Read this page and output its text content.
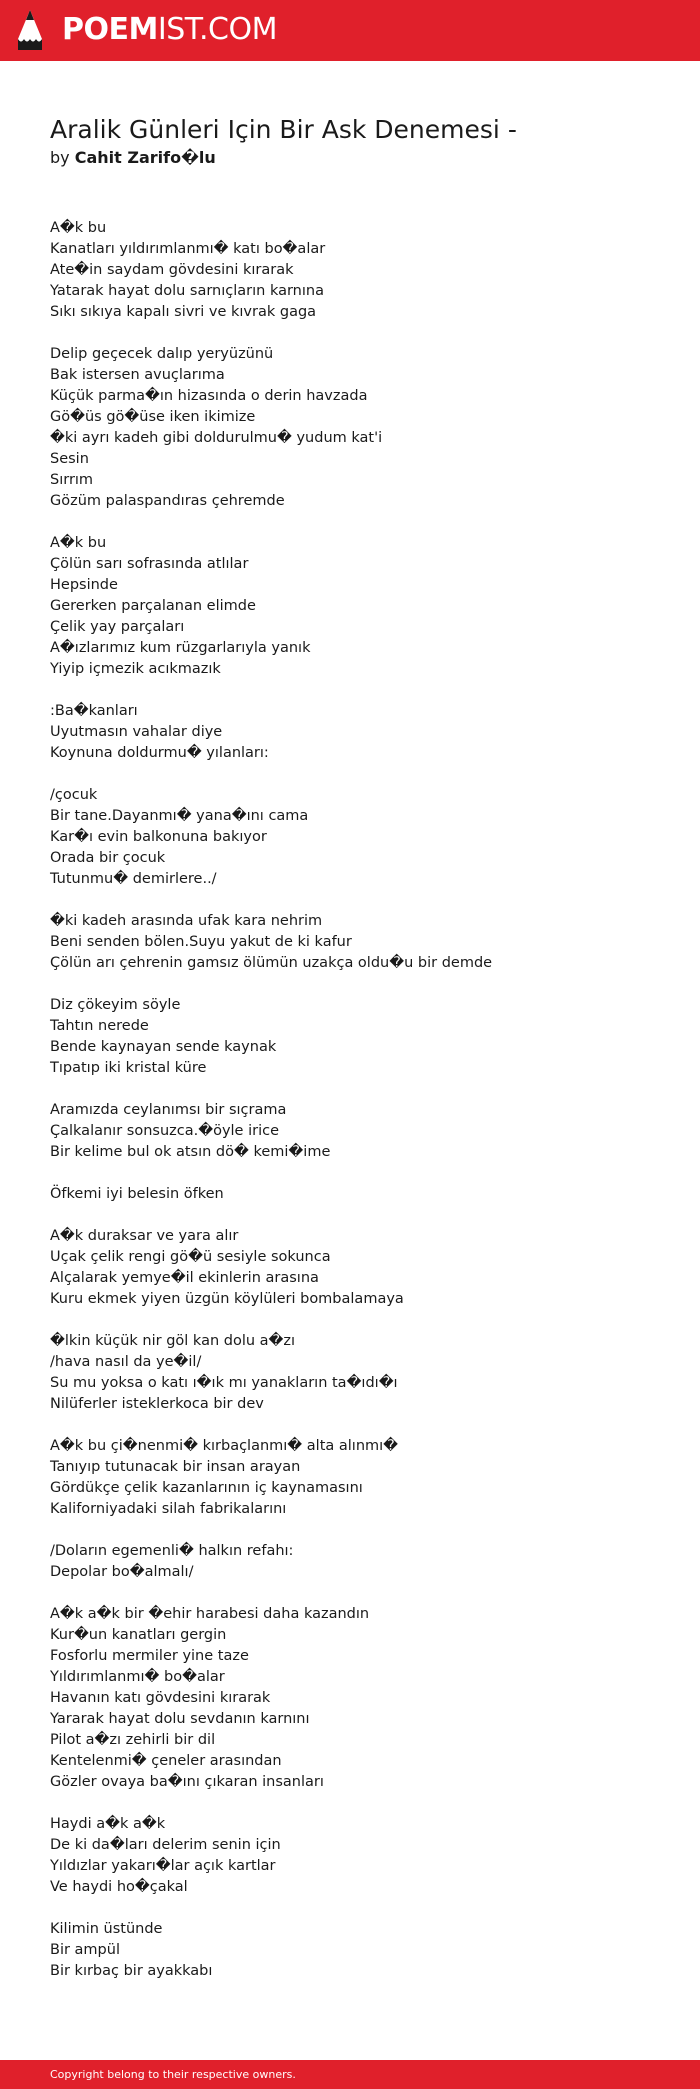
POEMIST.COM
Aralik Günleri Için Bir Ask Denemesi -
by Cahit Zarifo�lu
A�k bu
Kanatları yıldırımlanmı� katı bo�alar
Ate�in saydam gövdesini kırarak
Yatarak hayat dolu sarnıçların karnına
Sıkı sıkıya kapalı sivri ve kıvrak gaga
Delip geçecek dalıp yeryüzünü
Bak istersen avuçlarıma
Küçük parma�ın hizasında o derin havzada
Gö�üs gö�üse iken ikimize
�ki ayrı kadeh gibi doldurulmu� yudum kat'i
Sesin
Sırrım
Gözüm palaspandıras çehremde
A�k bu
Çölün sarı sofrasında atlılar
Hepsinde
Gererken parçalanan elimde
Çelik yay parçaları
A�ızlarımız kum rüzgarlarıyla yanık
Yiyip içmezik acıkmazık
:Ba�kanları
Uyutmasın vahalar diye
Koynuna doldurmu� yılanları:
/çocuk
Bir tane.Dayanmı� yana�ını cama
Kar�ı evin balkonuna bakıyor
Orada bir çocuk
Tutunmu� demirlere../
�ki kadeh arasında ufak kara nehrim
Beni senden bölen.Suyu yakut de ki kafur
Çölün arı çehrenin gamsız ölümün uzakça oldu�u bir demde
Diz çökeyim söyle
Tahtın nerede
Bende kaynayan sende kaynak
Tıpatıp iki kristal küre
Aramızda ceylanımsı bir sıçrama
Çalkalanır sonsuzca.�öyle irice
Bir kelime bul ok atsın dö� kemi�ime
Öfkemi iyi belesin öfken
A�k duraksar ve yara alır
Uçak çelik rengi gö�ü sesiyle sokunca
Alçalarak yemye�il ekinlerin arasına
Kuru ekmek yiyen üzgün köylüleri bombalamaya
�lkin küçük nir göl kan dolu a�zı
/hava nasıl da ye�il/
Su mu yoksa o katı ı�ık mı yanakların ta�ıdı�ı
Nilüferler isteklerkoca bir dev
A�k bu çi�nenmi� kırbaçlanmı� alta alınmı�
Tanıyıp tutunacak bir insan arayan
Gördükçe çelik kazanlarının iç kaynamasını
Kaliforniyadaki silah fabrikalarını
/Doların egemenli� halkın refahı:
Depolar bo�almalı/
A�k a�k bir �ehir harabesi daha kazandın
Kur�un kanatları gergin
Fosforlu mermiler yine taze
Yıldırımlanmı� bo�alar
Havanın katı gövdesini kırarak
Yararak hayat dolu sevdanın karnını
Pilot a�zı zehirli bir dil
Kentelenmi� çeneler arasından
Gözler ovaya ba�ını çıkaran insanları
Haydi a�k a�k
De ki da�ları delerim senin için
Yıldızlar yakarı�lar açık kartlar
Ve haydi ho�çakal
Kilimin üstünde
Bir ampül
Bir kırbaç bir ayakkabı
Copyright belong to their respective owners.
